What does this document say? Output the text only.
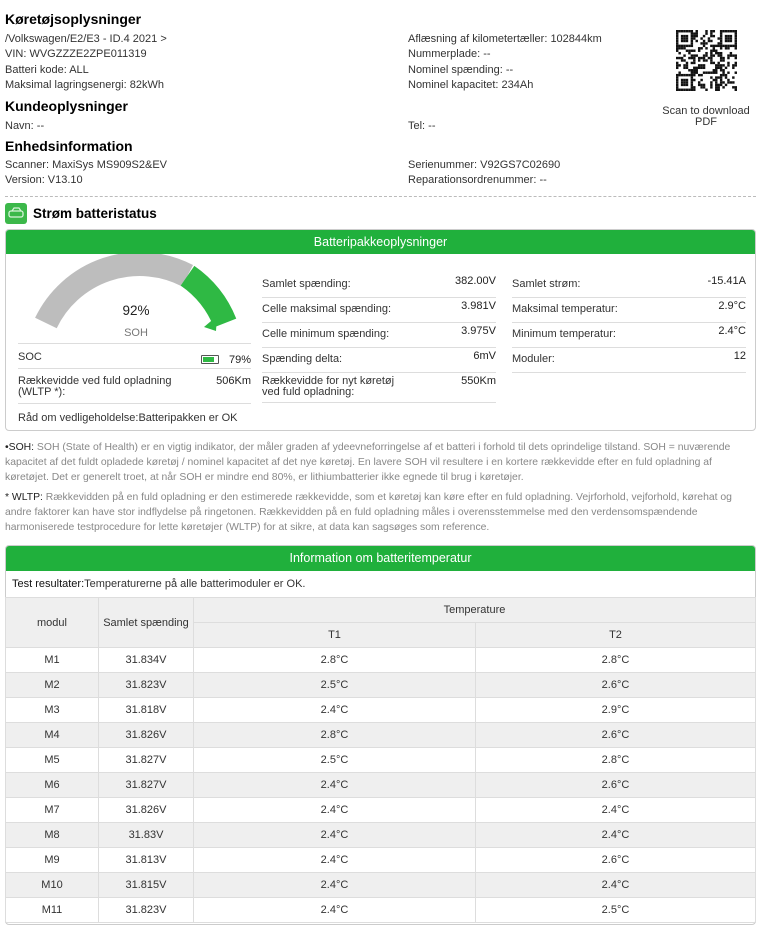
Køretøjsoplysninger
/Volkswagen/E2/E3 - ID.4 2021 >
VIN: WVGZZZE2ZPE011319
Batteri kode: ALL
Maksimal lagringsenergi: 82kWh
Aflæsning af kilometertæller: 102844km
Nummerplade: --
Nominel spænding: --
Nominel kapacitet: 234Ah
Kundeoplysninger
Navn: --	Tel: --
Enhedsinformation
Scanner: MaxiSys MS909S2&EV
Version: V13.10
Serienummer: V92GS7C02690
Reparationsordrenummer: --
Scan to download
PDF
Strøm batteristatus
Batteripakkeoplysninger
92%
SOH
SOC	79%
Rækkevidde ved fuld opladning (WLTP *):
506Km
Råd om vedligeholdelse:Batteripakken er OK
Samlet spænding:	382.00V
Celle maksimal spænding:	3.981V
Celle minimum spænding:	3.975V
Spænding delta:	6mV
Rækkevidde for nyt køretøj ved fuld opladning:
550Km
Samlet strøm:	-15.41A
Maksimal temperatur:	2.9°C
Minimum temperatur:	2.4°C
Moduler:	12
•SOH: SOH (State of Health) er en vigtig indikator, der måler graden af ydeevneforringelse af et batteri i forhold til dets oprindelige tilstand. SOH = nuværende kapacitet af det fuldt opladede køretøj / nominel kapacitet af det nye køretøj. En lavere SOH vil resultere i en kortere rækkevidde efter en fuld opladning af køretøjet. Det er generelt troet, at når SOH er mindre end 80%, er lithiumbatterier ikke egnede til brug i køretøjer.
* WLTP: Rækkevidden på en fuld opladning er den estimerede rækkevidde, som et køretøj kan køre efter en fuld opladning. Vejrforhold, vejforhold, kørehat og andre faktorer kan have stor indflydelse på ringetonen. Rækkevidden på en fuld opladning måles i overensstemmelse med den verdensomspændende harmoniserede testprocedure for lette køretøjer (WLTP) for at sikre, at data kan sagsøges som reference.
Information om batteritemperatur
Test resultater:Temperaturerne på alle batterimoduler er OK.
modul	Samlet spænding	Temperature	
		T1	T2
M1	31.834V	2.8°C	2.8°C
M2	31.823V	2.5°C	2.6°C
M3	31.818V	2.4°C	2.9°C
M4	31.826V	2.8°C	2.6°C
M5	31.827V	2.5°C	2.8°C
M6	31.827V	2.4°C	2.6°C
M7	31.826V	2.4°C	2.4°C
M8	31.83V	2.4°C	2.4°C
M9	31.813V	2.4°C	2.6°C
M10	31.815V	2.4°C	2.4°C
M11	31.823V	2.4°C	2.5°C
